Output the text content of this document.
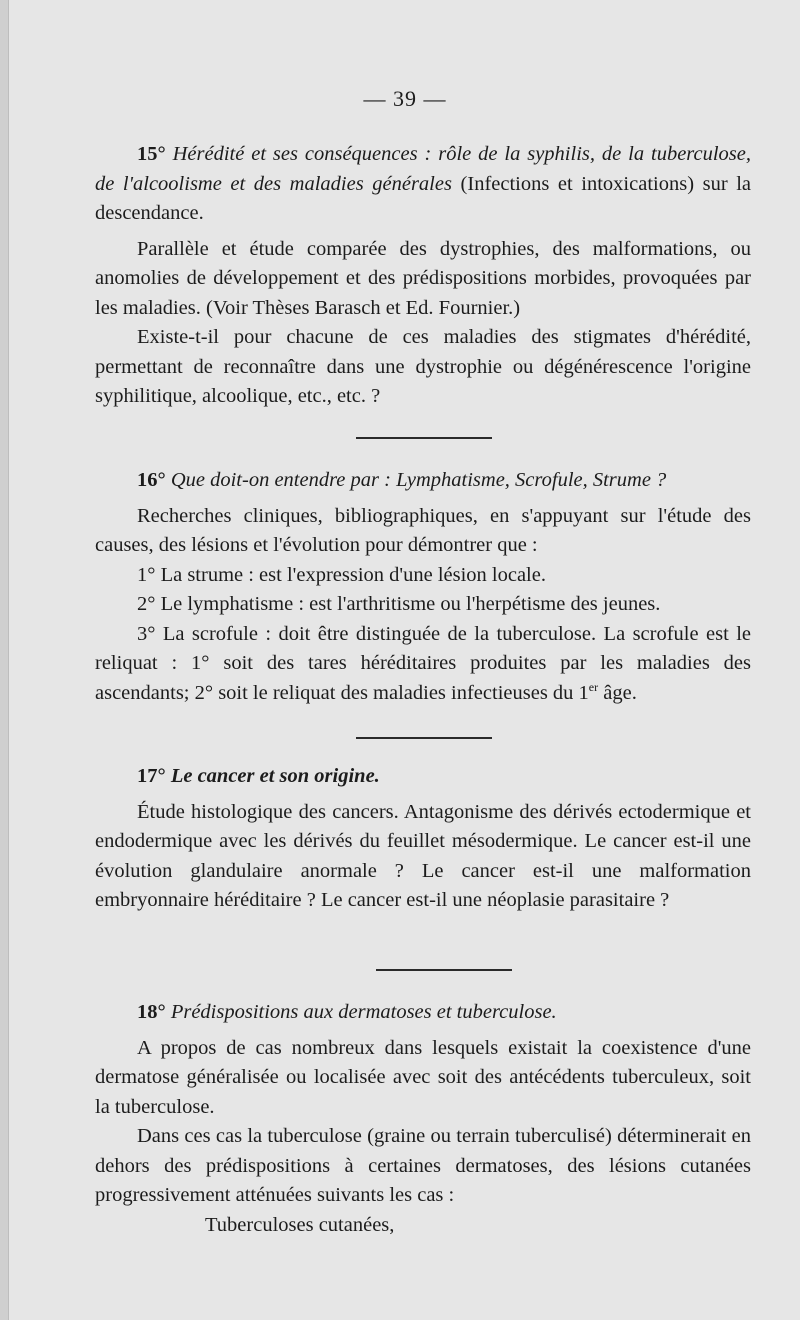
— 39 —

15° Hérédité et ses conséquences : rôle de la syphilis, de la tuberculose, de l'alcoolisme et des maladies générales (Infections et intoxications) sur la descendance.

Parallèle et étude comparée des dystrophies, des malformations, ou anomolies de développement et des prédispositions morbides, provoquées par les maladies. (Voir Thèses Barasch et Ed. Fournier.)

Existe-t-il pour chacune de ces maladies des stigmates d'hérédité, permettant de reconnaître dans une dystrophie ou dégénérescence l'origine syphilitique, alcoolique, etc., etc. ?

16° Que doit-on entendre par : Lymphatisme, Scrofule, Strume ?

Recherches cliniques, bibliographiques, en s'appuyant sur l'étude des causes, des lésions et l'évolution pour démontrer que :

1° La strume : est l'expression d'une lésion locale.

2° Le lymphatisme : est l'arthritisme ou l'herpétisme des jeunes.

3° La scrofule : doit être distinguée de la tuberculose. La scrofule est le reliquat : 1° soit des tares héréditaires produites par les maladies des ascendants; 2° soit le reliquat des maladies infectieuses du 1er âge.

17° Le cancer et son origine.

Étude histologique des cancers. Antagonisme des dérivés ectodermique et endodermique avec les dérivés du feuillet mésodermique. Le cancer est-il une évolution glandulaire anormale ? Le cancer est-il une malformation embryonnaire héréditaire ? Le cancer est-il une néoplasie parasitaire ?

18° Prédispositions aux dermatoses et tuberculose.

A propos de cas nombreux dans lesquels existait la coexistence d'une dermatose généralisée ou localisée avec soit des antécédents tuberculeux, soit la tuberculose.

Dans ces cas la tuberculose (graine ou terrain tuberculisé) déterminerait en dehors des prédispositions à certaines dermatoses, des lésions cutanées progressivement atténuées suivants les cas :

Tuberculoses cutanées,
